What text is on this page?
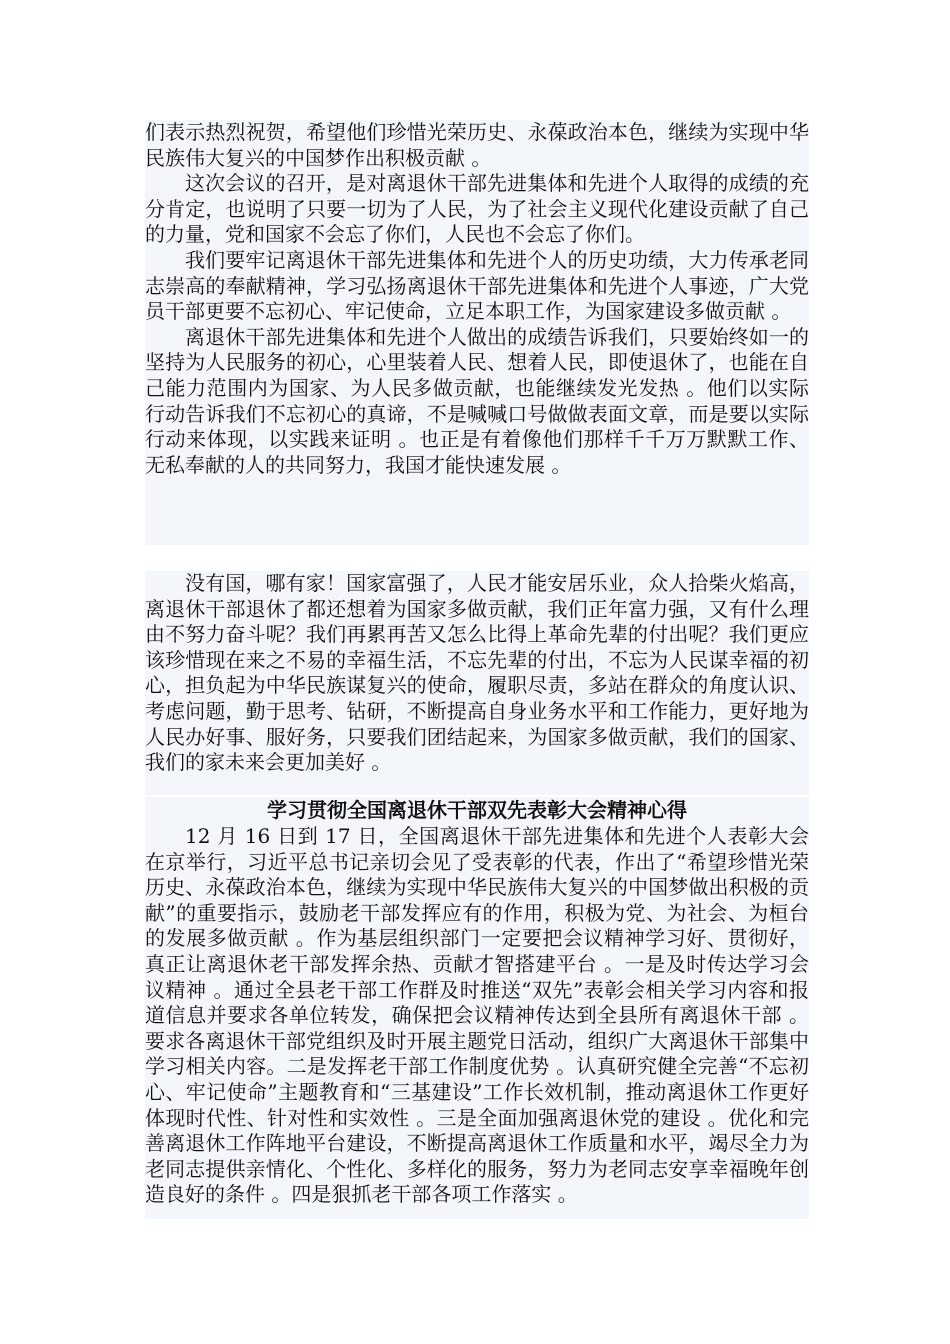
们表示热烈祝贺，希望他们珍惜光荣历史、永葆政治本色，继续为实现中华民族伟大复兴的中国梦作出积极贡献 。

这次会议的召开，是对离退休干部先进集体和先进个人取得的成绩的充分肯定，也说明了只要一切为了人民，为了社会主义现代化建设贡献了自己的力量，党和国家不会忘了你们，人民也不会忘了你们。

我们要牢记离退休干部先进集体和先进个人的历史功绩，大力传承老同志崇高的奉献精神，学习弘扬离退休干部先进集体和先进个人事迹，广大党员干部更要不忘初心、牢记使命，立足本职工作，为国家建设多做贡献 。

离退休干部先进集体和先进个人做出的成绩告诉我们，只要始终如一的坚持为人民服务的初心，心里装着人民、想着人民，即使退休了，也能在自己能力范围内为国家、为人民多做贡献，也能继续发光发热 。他们以实际行动告诉我们不忘初心的真谛，不是喊喊口号做做表面文章，而是要以实际行动来体现，以实践来证明 。也正是有着像他们那样千千万万默默工作、无私奉献的人的共同努力，我国才能快速发展 。

没有国，哪有家！国家富强了，人民才能安居乐业，众人拾柴火焰高，离退休干部退休了都还想着为国家多做贡献，我们正年富力强，又有什么理由不努力奋斗呢？我们再累再苦又怎么比得上革命先辈的付出呢？我们更应该珍惜现在来之不易的幸福生活，不忘先辈的付出，不忘为人民谋幸福的初心，担负起为中华民族谋复兴的使命，履职尽责，多站在群众的角度认识、考虑问题，勤于思考、钻研，不断提高自身业务水平和工作能力，更好地为人民办好事、服好务，只要我们团结起来，为国家多做贡献，我们的国家、我们的家未来会更加美好 。

学习贯彻全国离退休干部双先表彰大会精神心得

12 月 16 日到 17 日，全国离退休干部先进集体和先进个人表彰大会在京举行，习近平总书记亲切会见了受表彰的代表，作出了“希望珍惜光荣历史、永葆政治本色，继续为实现中华民族伟大复兴的中国梦做出积极的贡献”的重要指示，鼓励老干部发挥应有的作用，积极为党、为社会、为桓台的发展多做贡献 。作为基层组织部门一定要把会议精神学习好、贯彻好，真正让离退休老干部发挥余热、贡献才智搭建平台 。一是及时传达学习会议精神 。通过全县老干部工作群及时推送“双先”表彰会相关学习内容和报道信息并要求各单位转发，确保把会议精神传达到全县所有离退休干部 。要求各离退休干部党组织及时开展主题党日活动，组织广大离退休干部集中学习相关内容。二是发挥老干部工作制度优势 。认真研究健全完善“不忘初心、牢记使命”主题教育和“三基建设”工作长效机制，推动离退休工作更好体现时代性、针对性和实效性 。三是全面加强离退休党的建设 。优化和完善离退休工作阵地平台建设，不断提高离退休工作质量和水平，竭尽全力为老同志提供亲情化、个性化、多样化的服务，努力为老同志安享幸福晚年创造良好的条件 。四是狠抓老干部各项工作落实 。
